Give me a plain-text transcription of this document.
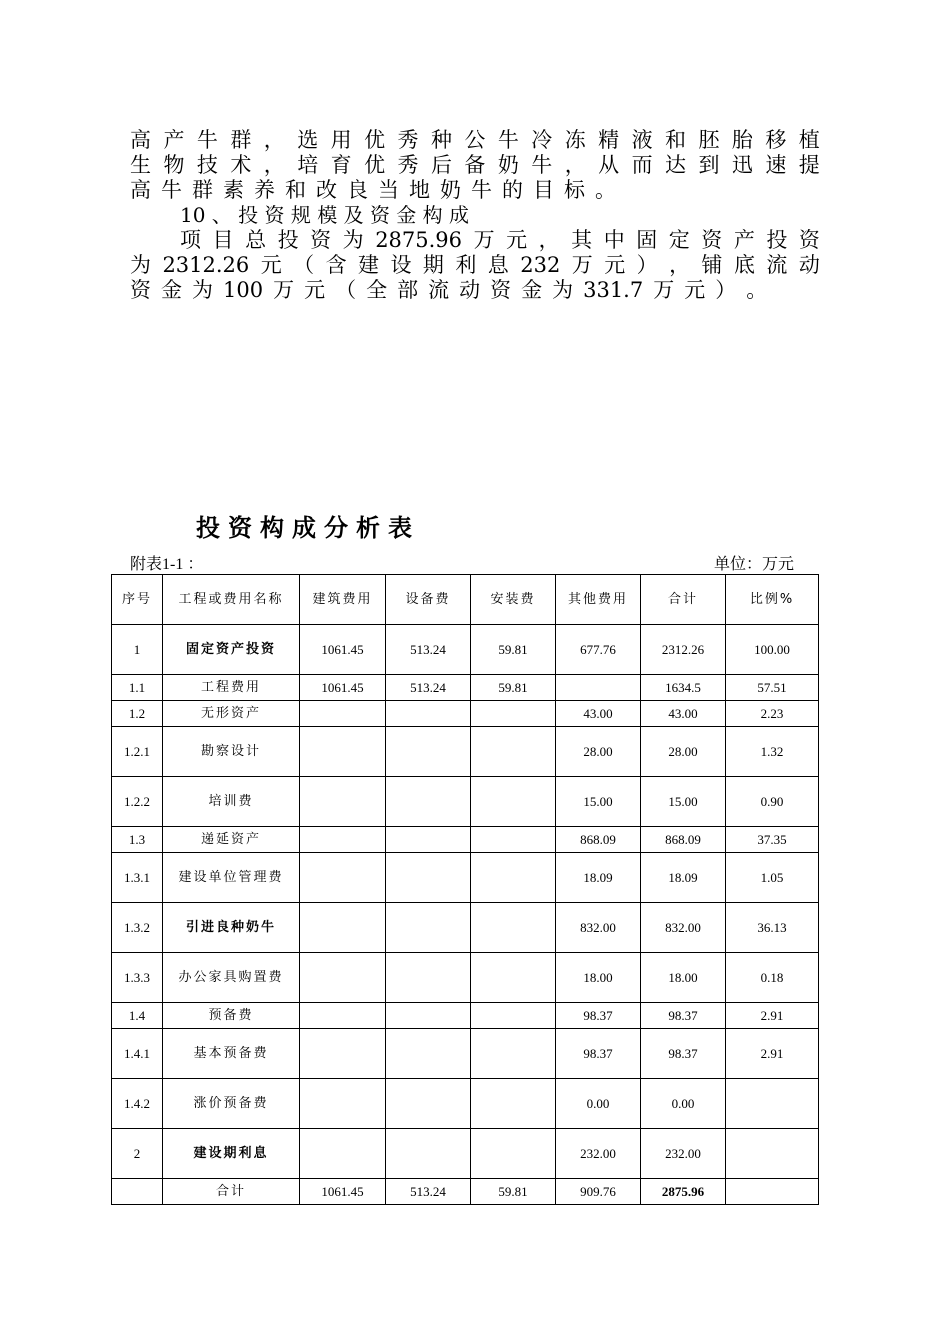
高 产 牛 群 ， 选 用 优 秀 种 公 牛 冷 冻 精 液 和 胚 胎 移 植
生 物 技 术 ， 培 育 优 秀 后 备 奶 牛 ， 从 而 达 到 迅 速 提
高 牛 群 素 养 和 改 良 当 地 奶 牛 的 目 标 。
10 、 投 资 规 模 及 资 金 构 成
项 目 总 投 资 为 2875.96 万 元 ， 其 中 固 定 资 产 投 资
为 2312.26 元 （ 含 建 设 期 利 息 232 万 元 ） ， 铺 底 流 动
资 金 为 100 万 元 （ 全 部 流 动 资 金 为 331.7 万 元 ） 。
投资构成分析表
附表1-1 ：	单位：万元
序号	工程或费用名称	建筑费用	设备费	安装费	其他费用	合计	比例%
1	固定资产投资	1061.45	513.24	59.81	677.76	2312.26	100.00
1.1	工程费用	1061.45	513.24	59.81		1634.5	57.51
1.2	无形资产				43.00	43.00	2.23
1.2.1	勘察设计				28.00	28.00	1.32
1.2.2	培训费				15.00	15.00	0.90
1.3	递延资产				868.09	868.09	37.35
1.3.1	建设单位管理费				18.09	18.09	1.05
1.3.2	引进良种奶牛				832.00	832.00	36.13
1.3.3	办公家具购置费				18.00	18.00	0.18
1.4	预备费				98.37	98.37	2.91
1.4.1	基本预备费				98.37	98.37	2.91
1.4.2	涨价预备费				0.00	0.00	
2	建设期利息				232.00	232.00	
	合计	1061.45	513.24	59.81	909.76	2875.96	
